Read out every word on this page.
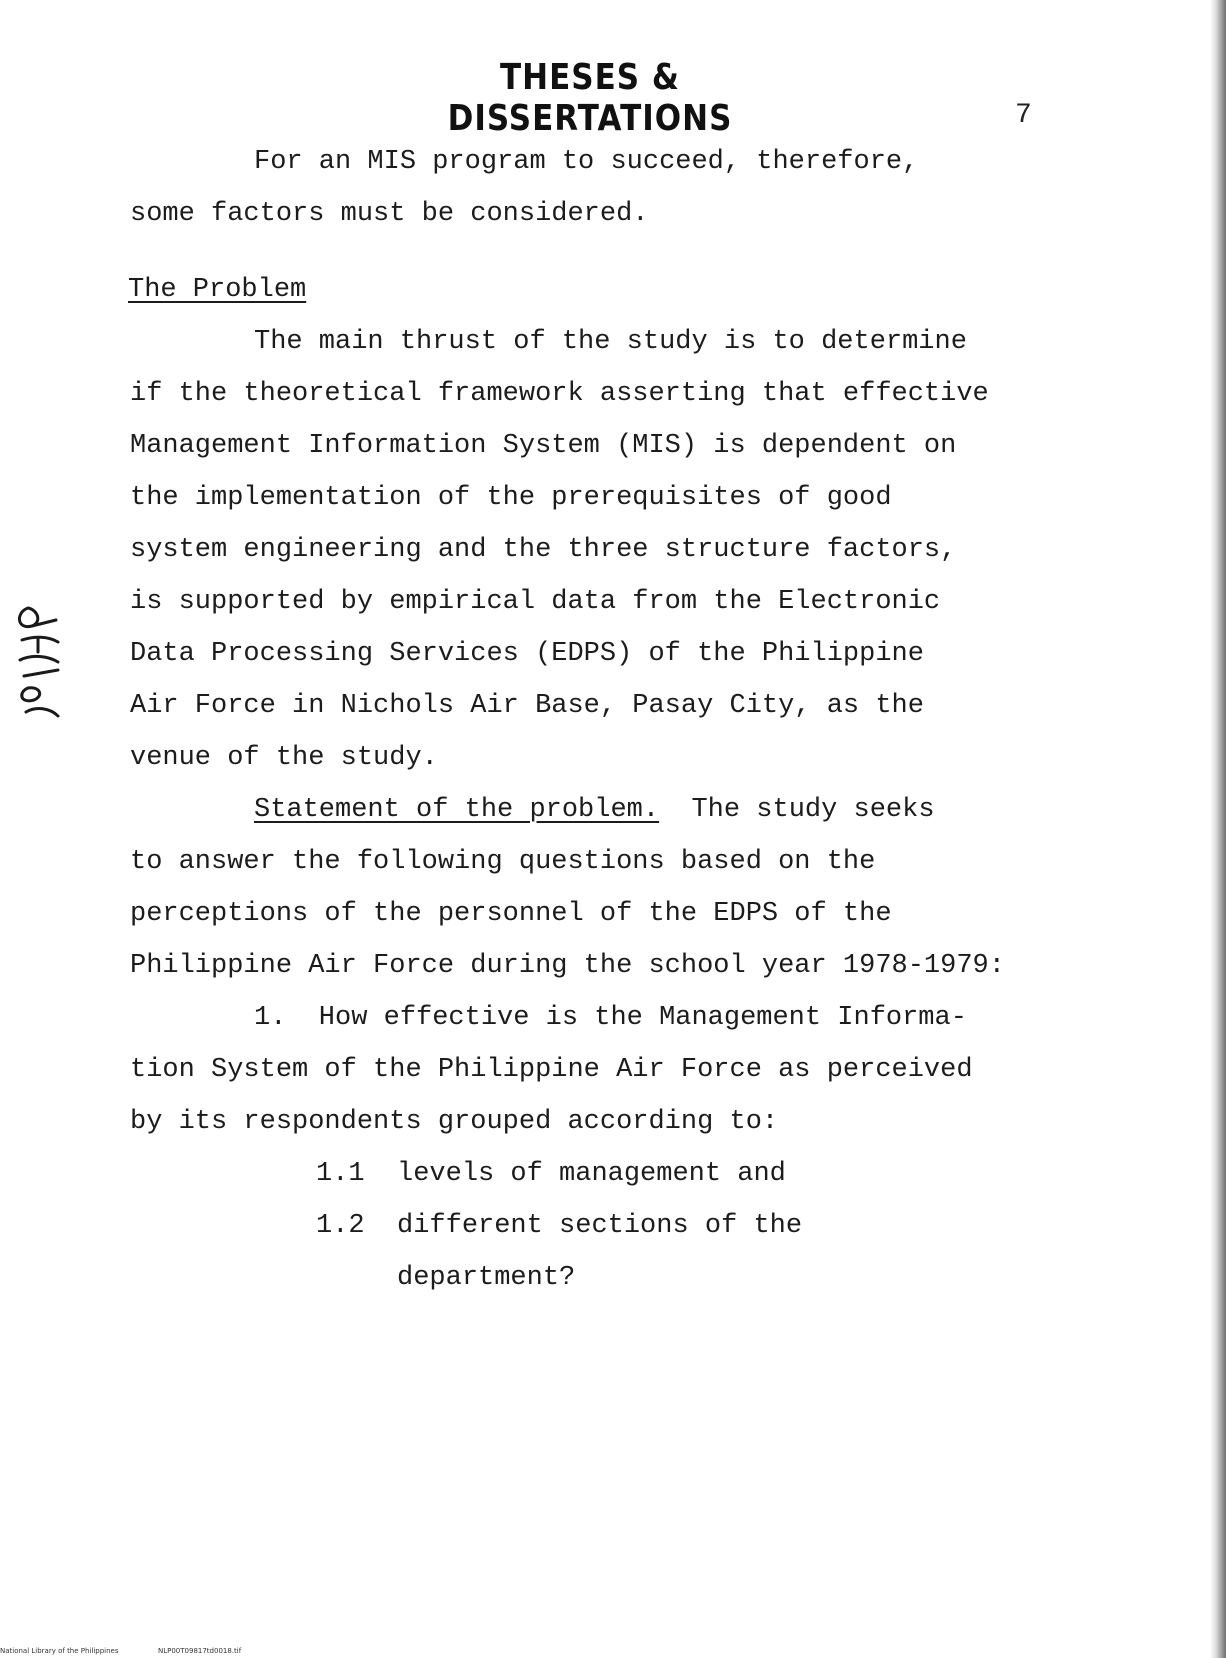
THESES & DISSERTATIONS	7
For an MIS program to succeed, therefore,
some factors must be considered.
The Problem
The main thrust of the study is to determine
if the theoretical framework asserting that effective
Management Information System (MIS) is dependent on
the implementation of the prerequisites of good
system engineering and the three structure factors,
is supported by empirical data from the Electronic
Data Processing Services (EDPS) of the Philippine
Air Force in Nichols Air Base, Pasay City, as the
venue of the study.
Statement of the problem.  The study seeks
to answer the following questions based on the
perceptions of the personnel of the EDPS of the
Philippine Air Force during the school year 1978-1979:
1.  How effective is the Management Informa-
tion System of the Philippine Air Force as perceived
by its respondents grouped according to:
1.1  levels of management and
1.2  different sections of the
department?
National Library of the Philippines	NLP00T09817td0018.tif
